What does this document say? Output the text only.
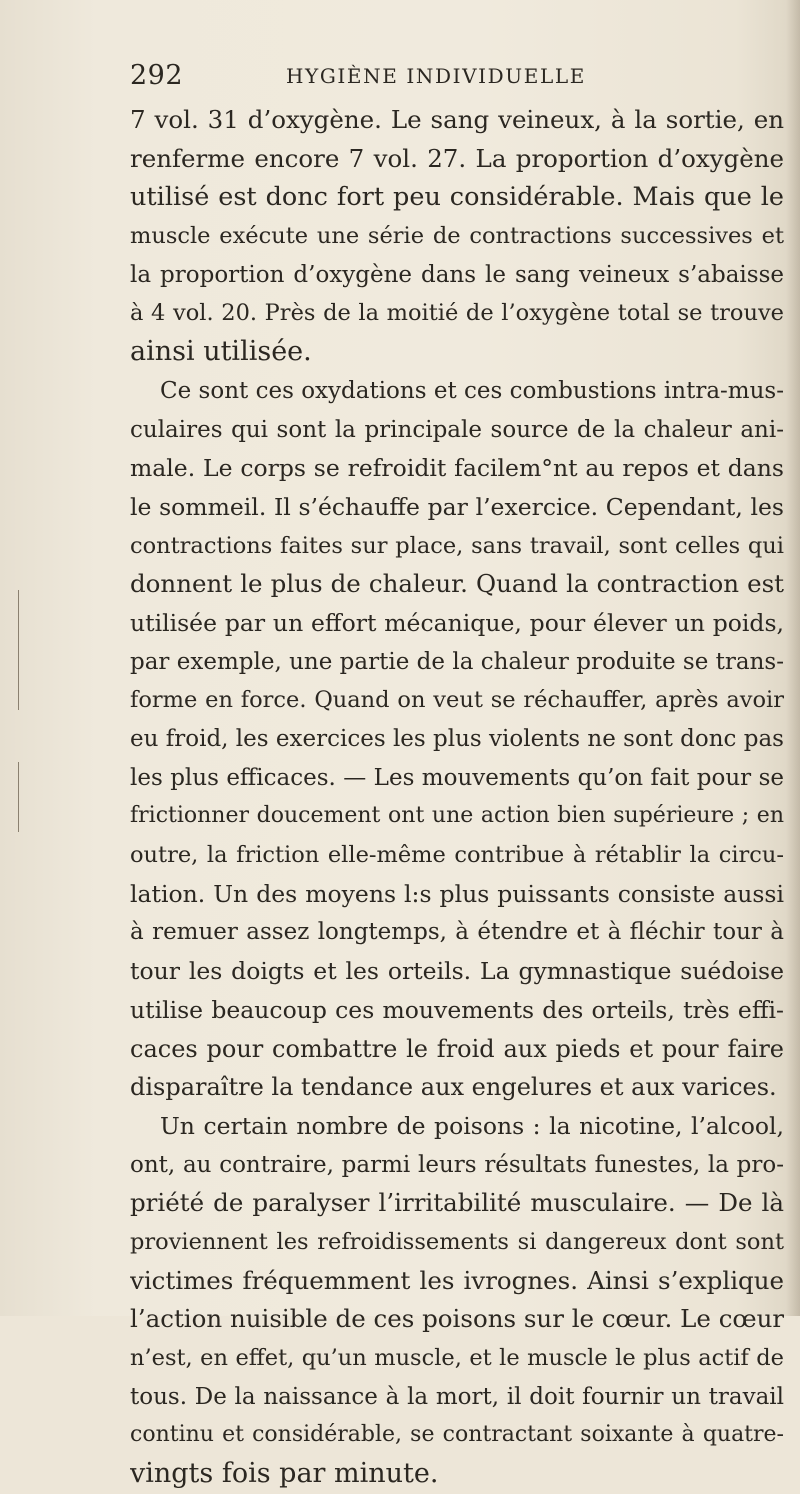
292	HYGIÈNE INDIVIDUELLE
7 vol. 31 d’oxygène. Le sang veineux, à la sortie, en
renferme encore 7 vol. 27. La proportion d’oxygène
utilisé est donc fort peu considérable. Mais que le
muscle exécute une série de contractions successives et
la proportion d’oxygène dans le sang veineux s’abaisse
à 4 vol. 20. Près de la moitié de l’oxygène total se trouve
ainsi utilisée.
Ce sont ces oxydations et ces combustions intra-mus-
culaires qui sont la principale source de la chaleur ani-
male. Le corps se refroidit facilem°nt au repos et dans
le sommeil. Il s’échauffe par l’exercice. Cependant, les
contractions faites sur place, sans travail, sont celles qui
donnent le plus de chaleur. Quand la contraction est
utilisée par un effort mécanique, pour élever un poids,
par exemple, une partie de la chaleur produite se trans-
forme en force. Quand on veut se réchauffer, après avoir
eu froid, les exercices les plus violents ne sont donc pas
les plus efficaces. — Les mouvements qu’on fait pour se
frictionner doucement ont une action bien supérieure ; en
outre, la friction elle-même contribue à rétablir la circu-
lation. Un des moyens l:s plus puissants consiste aussi
à remuer assez longtemps, à étendre et à fléchir tour à
tour les doigts et les orteils. La gymnastique suédoise
utilise beaucoup ces mouvements des orteils, très effi-
caces pour combattre le froid aux pieds et pour faire
disparaître la tendance aux engelures et aux varices.
Un certain nombre de poisons : la nicotine, l’alcool,
ont, au contraire, parmi leurs résultats funestes, la pro-
priété de paralyser l’irritabilité musculaire. — De là
proviennent les refroidissements si dangereux dont sont
victimes fréquemment les ivrognes. Ainsi s’explique
l’action nuisible de ces poisons sur le cœur. Le cœur
n’est, en effet, qu’un muscle, et le muscle le plus actif de
tous. De la naissance à la mort, il doit fournir un travail
continu et considérable, se contractant soixante à quatre-
vingts fois par minute.
